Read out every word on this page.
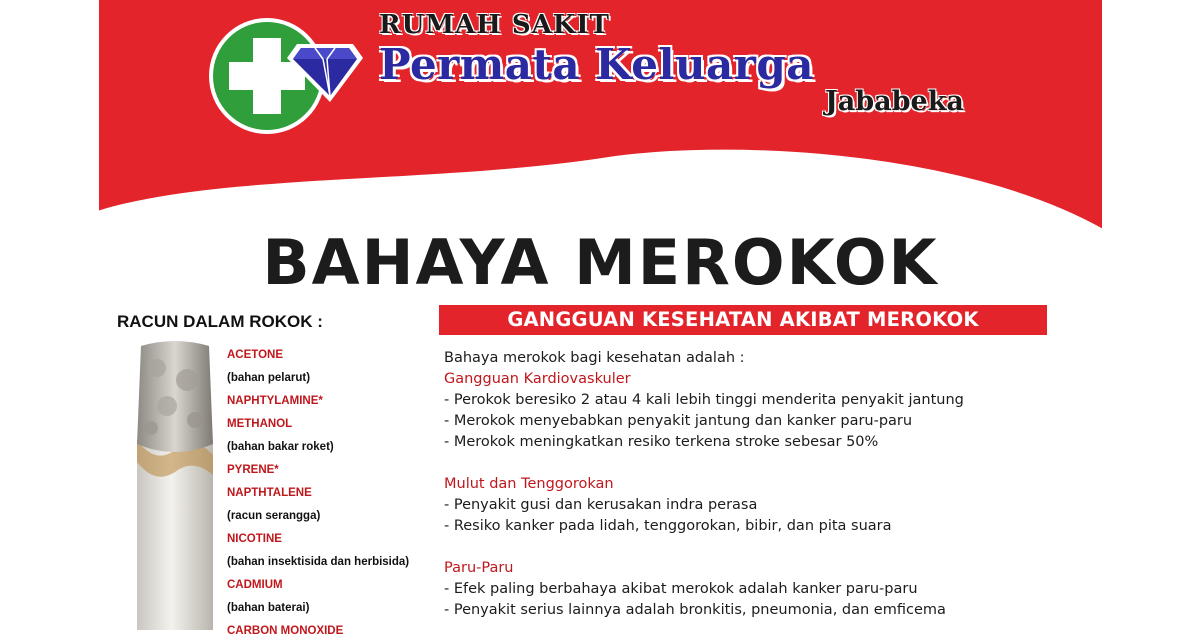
RUMAH SAKIT
Permata Keluarga
Jababeka
BAHAYA MEROKOK
RACUN DALAM ROKOK :
ACETONE
(bahan pelarut)
NAPHTYLAMINE*
METHANOL
(bahan bakar roket)
PYRENE*
NAPTHTALENE
(racun serangga)
NICOTINE
(bahan insektisida dan herbisida)
CADMIUM
(bahan baterai)
CARBON MONOXIDE
GANGGUAN KESEHATAN AKIBAT MEROKOK
Bahaya merokok bagi kesehatan adalah :
Gangguan Kardiovaskuler
- Perokok beresiko 2 atau 4 kali lebih tinggi menderita penyakit jantung
- Merokok menyebabkan penyakit jantung dan kanker paru-paru
- Merokok meningkatkan resiko terkena stroke sebesar 50%
Mulut dan Tenggorokan
- Penyakit gusi dan kerusakan indra perasa
- Resiko kanker pada lidah, tenggorokan, bibir, dan pita suara
Paru-Paru
- Efek paling berbahaya akibat merokok adalah kanker paru-paru
- Penyakit serius lainnya adalah bronkitis, pneumonia, dan emficema
